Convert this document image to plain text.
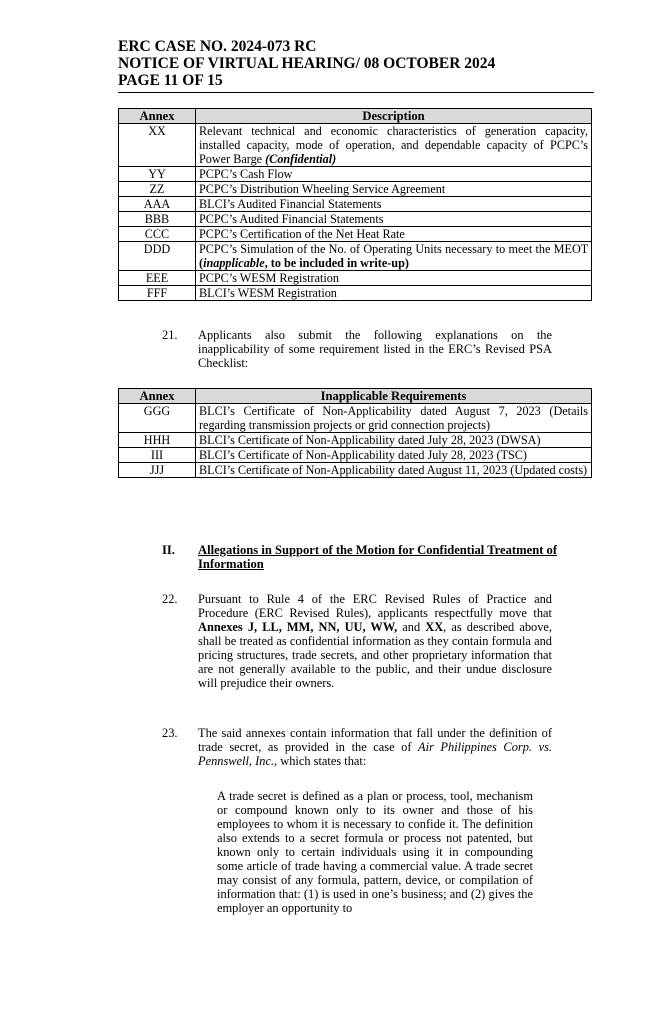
ERC CASE NO. 2024-073 RC
NOTICE OF VIRTUAL HEARING/ 08 OCTOBER 2024
PAGE 11 OF 15
Annex	Description
XX	Relevant technical and economic characteristics of generation capacity, installed capacity, mode of operation, and dependable capacity of PCPC’s Power Barge (Confidential)
YY	PCPC’s Cash Flow
ZZ	PCPC’s Distribution Wheeling Service Agreement
AAA	BLCI’s Audited Financial Statements
BBB	PCPC’s Audited Financial Statements
CCC	PCPC’s Certification of the Net Heat Rate
DDD	PCPC’s Simulation of the No. of Operating Units necessary to meet the MEOT (inapplicable, to be included in write-up)
EEE	PCPC’s WESM Registration
FFF	BLCI’s WESM Registration
21. Applicants also submit the following explanations on the inapplicability of some requirement listed in the ERC’s Revised PSA Checklist:
Annex	Inapplicable Requirements
GGG	BLCI’s Certificate of Non-Applicability dated August 7, 2023 (Details regarding transmission projects or grid connection projects)
HHH	BLCI’s Certificate of Non-Applicability dated July 28, 2023 (DWSA)
III	BLCI’s Certificate of Non-Applicability dated July 28, 2023 (TSC)
JJJ	BLCI’s Certificate of Non-Applicability dated August 11, 2023 (Updated costs)
II. Allegations in Support of the Motion for Confidential Treatment of Information
22. Pursuant to Rule 4 of the ERC Revised Rules of Practice and Procedure (ERC Revised Rules), applicants respectfully move that Annexes J, LL, MM, NN, UU, WW, and XX, as described above, shall be treated as confidential information as they contain formula and pricing structures, trade secrets, and other proprietary information that are not generally available to the public, and their undue disclosure will prejudice their owners.
23. The said annexes contain information that fall under the definition of trade secret, as provided in the case of Air Philippines Corp. vs. Pennswell, Inc., which states that:
A trade secret is defined as a plan or process, tool, mechanism or compound known only to its owner and those of his employees to whom it is necessary to confide it. The definition also extends to a secret formula or process not patented, but known only to certain individuals using it in compounding some article of trade having a commercial value. A trade secret may consist of any formula, pattern, device, or compilation of information that: (1) is used in one’s business; and (2) gives the employer an opportunity to
